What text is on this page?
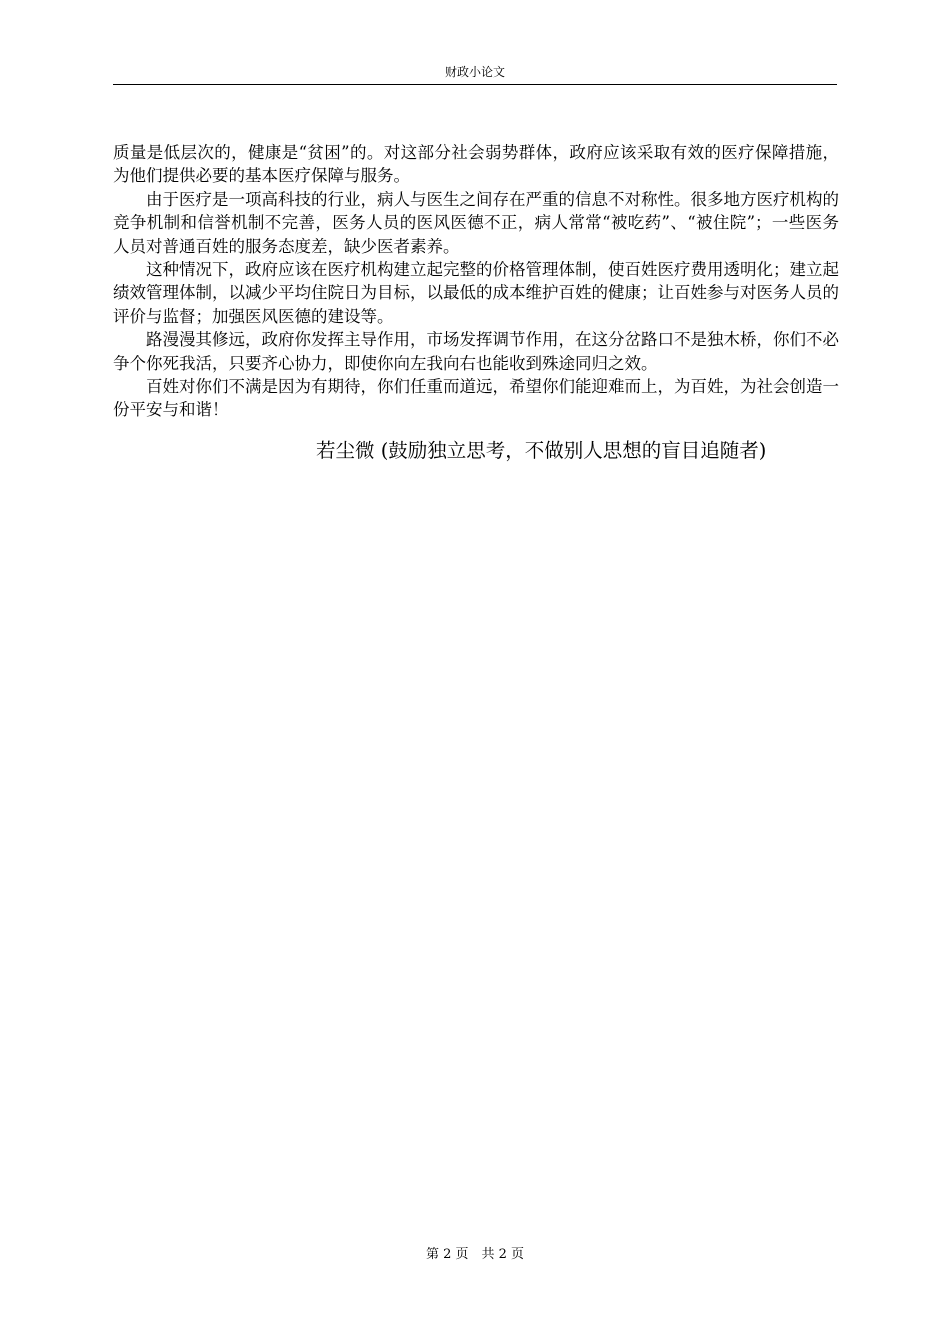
财政小论文

质量是低层次的，健康是“贫困”的。对这部分社会弱势群体，政府应该采取有效的医疗保障措施，为他们提供必要的基本医疗保障与服务。

由于医疗是一项高科技的行业，病人与医生之间存在严重的信息不对称性。很多地方医疗机构的竞争机制和信誉机制不完善，医务人员的医风医德不正，病人常常“被吃药”、“被住院”；一些医务人员对普通百姓的服务态度差，缺少医者素养。

这种情况下，政府应该在医疗机构建立起完整的价格管理体制，使百姓医疗费用透明化；建立起绩效管理体制，以减少平均住院日为目标，以最低的成本维护百姓的健康；让百姓参与对医务人员的评价与监督；加强医风医德的建设等。

路漫漫其修远，政府你发挥主导作用，市场发挥调节作用，在这分岔路口不是独木桥，你们不必争个你死我活，只要齐心协力，即使你向左我向右也能收到殊途同归之效。

百姓对你们不满是因为有期待，你们任重而道远，希望你们能迎难而上，为百姓，为社会创造一份平安与和谐！

若尘微 (鼓励独立思考，不做别人思想的盲目追随者)
第 2 页　共 2 页
